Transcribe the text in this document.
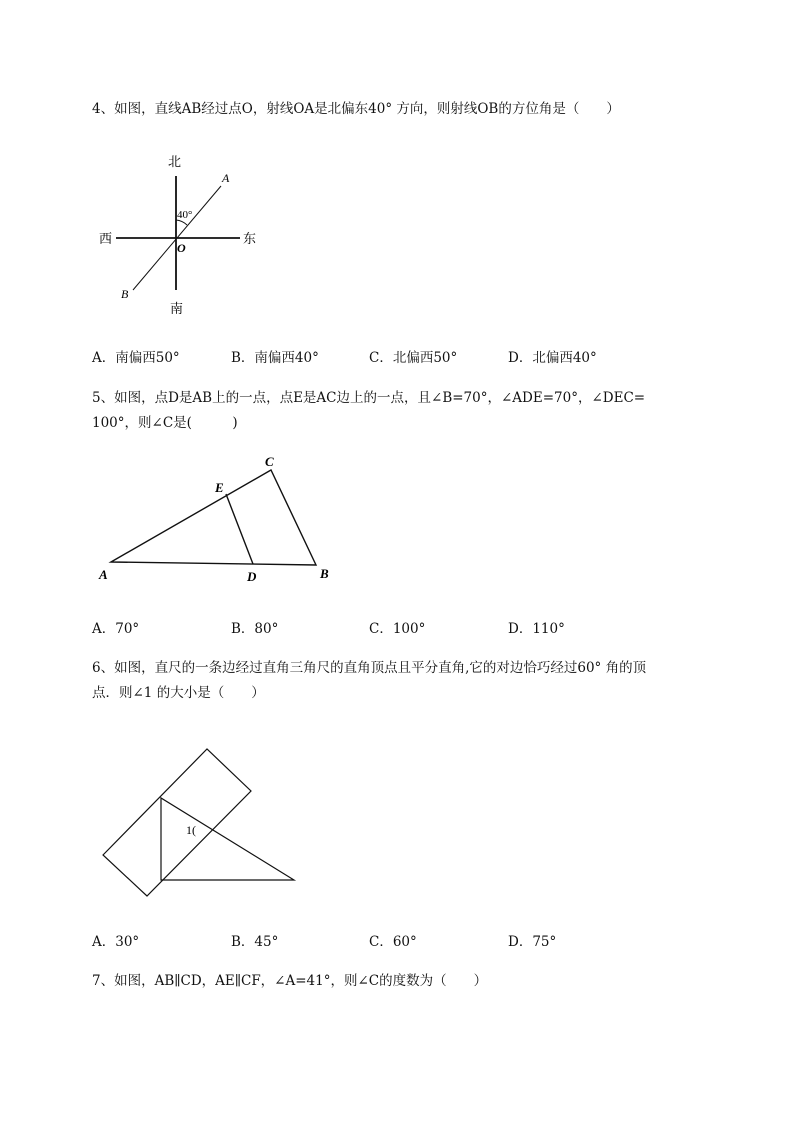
4、如图，直线AB经过点O，射线OA是北偏东40° 方向，则射线OB的方位角是（　　）
北
南
西	东
A
B
O
40°
A．南偏西50°	B．南偏西40°	C．北偏西50°	D．北偏西40°
5、如图，点D是AB上的一点，点E是AC边上的一点，且∠B=70°，∠ADE=70°，∠DEC=
100°，则∠C是(　　　)
A	B
C
D
E
A．70°	B．80°	C．100°	D．110°
6、如图，直尺的一条边经过直角三角尺的直角顶点且平分直角,它的对边恰巧经过60° 角的顶
点．则∠1 的大小是（　　）
1(
A．30°	B．45°	C．60°	D．75°
7、如图，AB∥CD，AE∥CF，∠A=41°，则∠C的度数为（　　）
